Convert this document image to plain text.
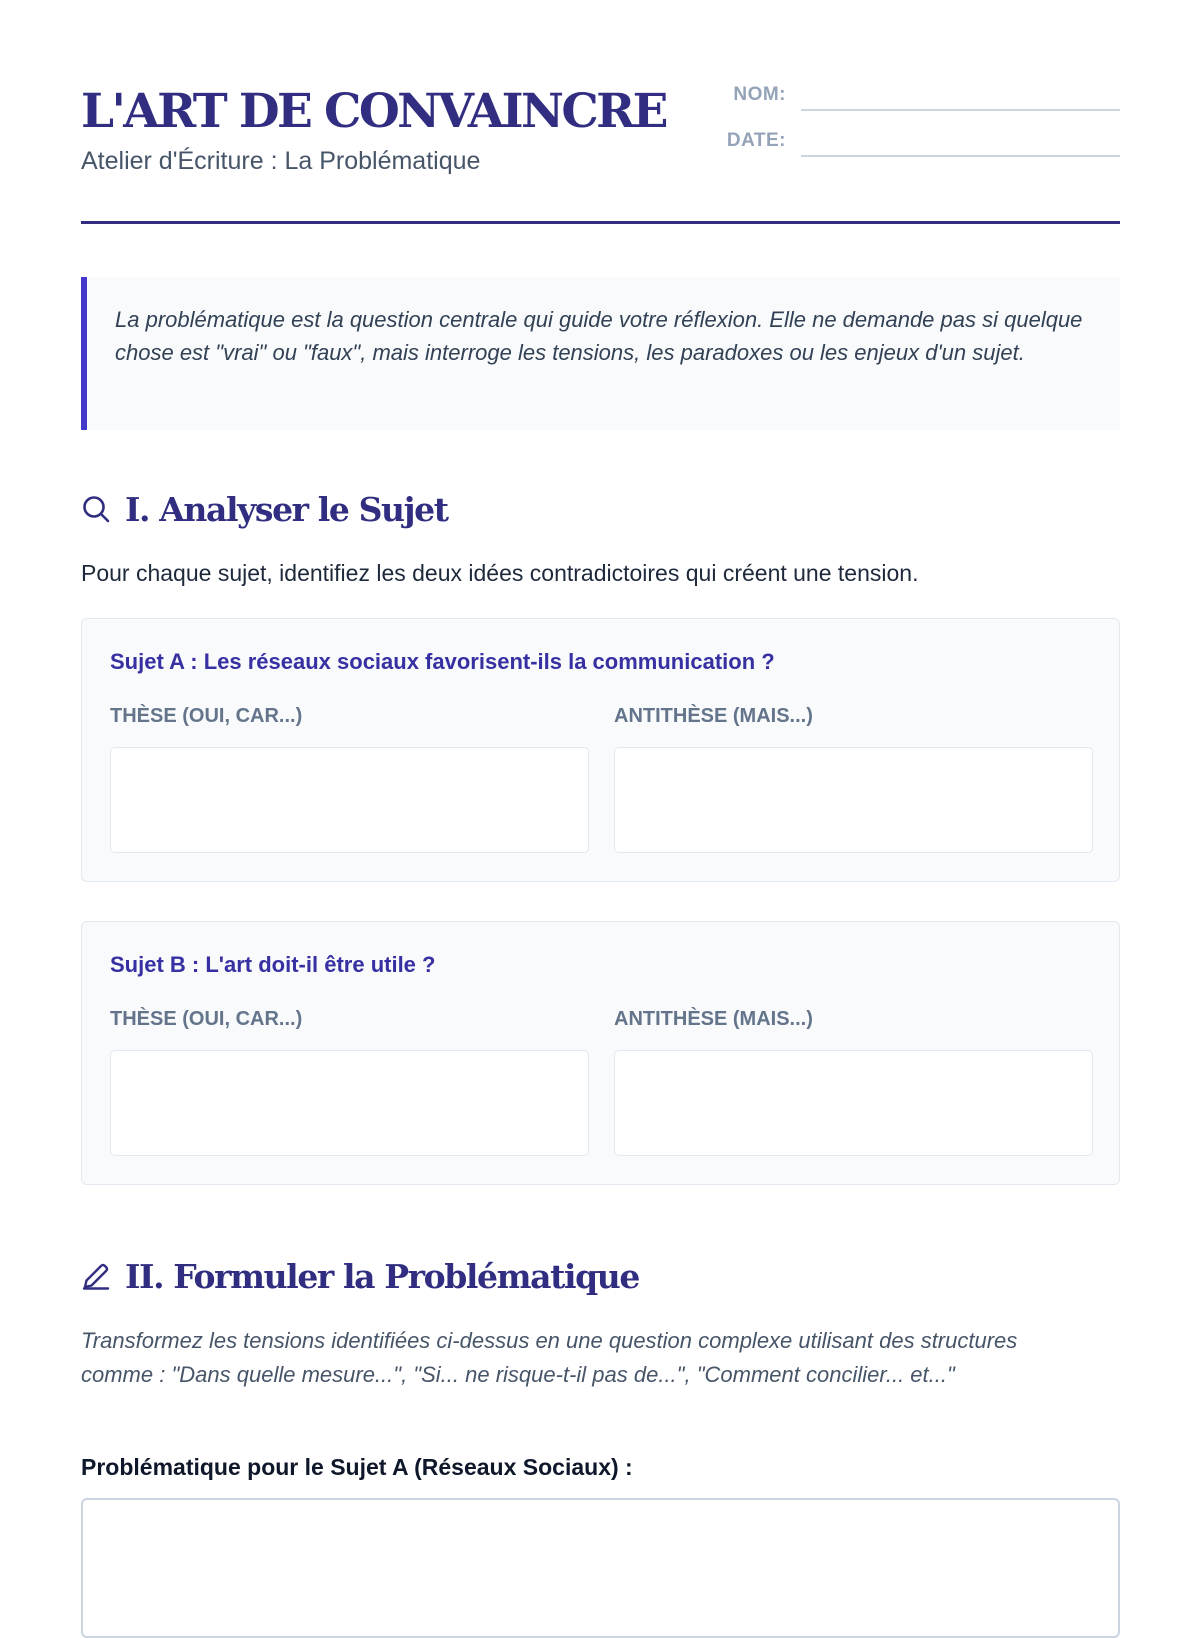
L'ART DE CONVAINCRE

Atelier d'Écriture : La Problématique

NOM:
DATE:
La problématique est la question centrale qui guide votre réflexion. Elle ne demande pas si quelque chose est "vrai" ou "faux", mais interroge les tensions, les paradoxes ou les enjeux d'un sujet.
I. Analyser le Sujet
Pour chaque sujet, identifiez les deux idées contradictoires qui créent une tension.
Sujet A : Les réseaux sociaux favorisent-ils la communication ?
THÈSE (OUI, CAR...)	ANTITHÈSE (MAIS...)
Sujet B : L'art doit-il être utile ?
THÈSE (OUI, CAR...)	ANTITHÈSE (MAIS...)
II. Formuler la Problématique
Transformez les tensions identifiées ci-dessus en une question complexe utilisant des structures comme : "Dans quelle mesure...", "Si... ne risque-t-il pas de...", "Comment concilier... et..."
Problématique pour le Sujet A (Réseaux Sociaux) :
